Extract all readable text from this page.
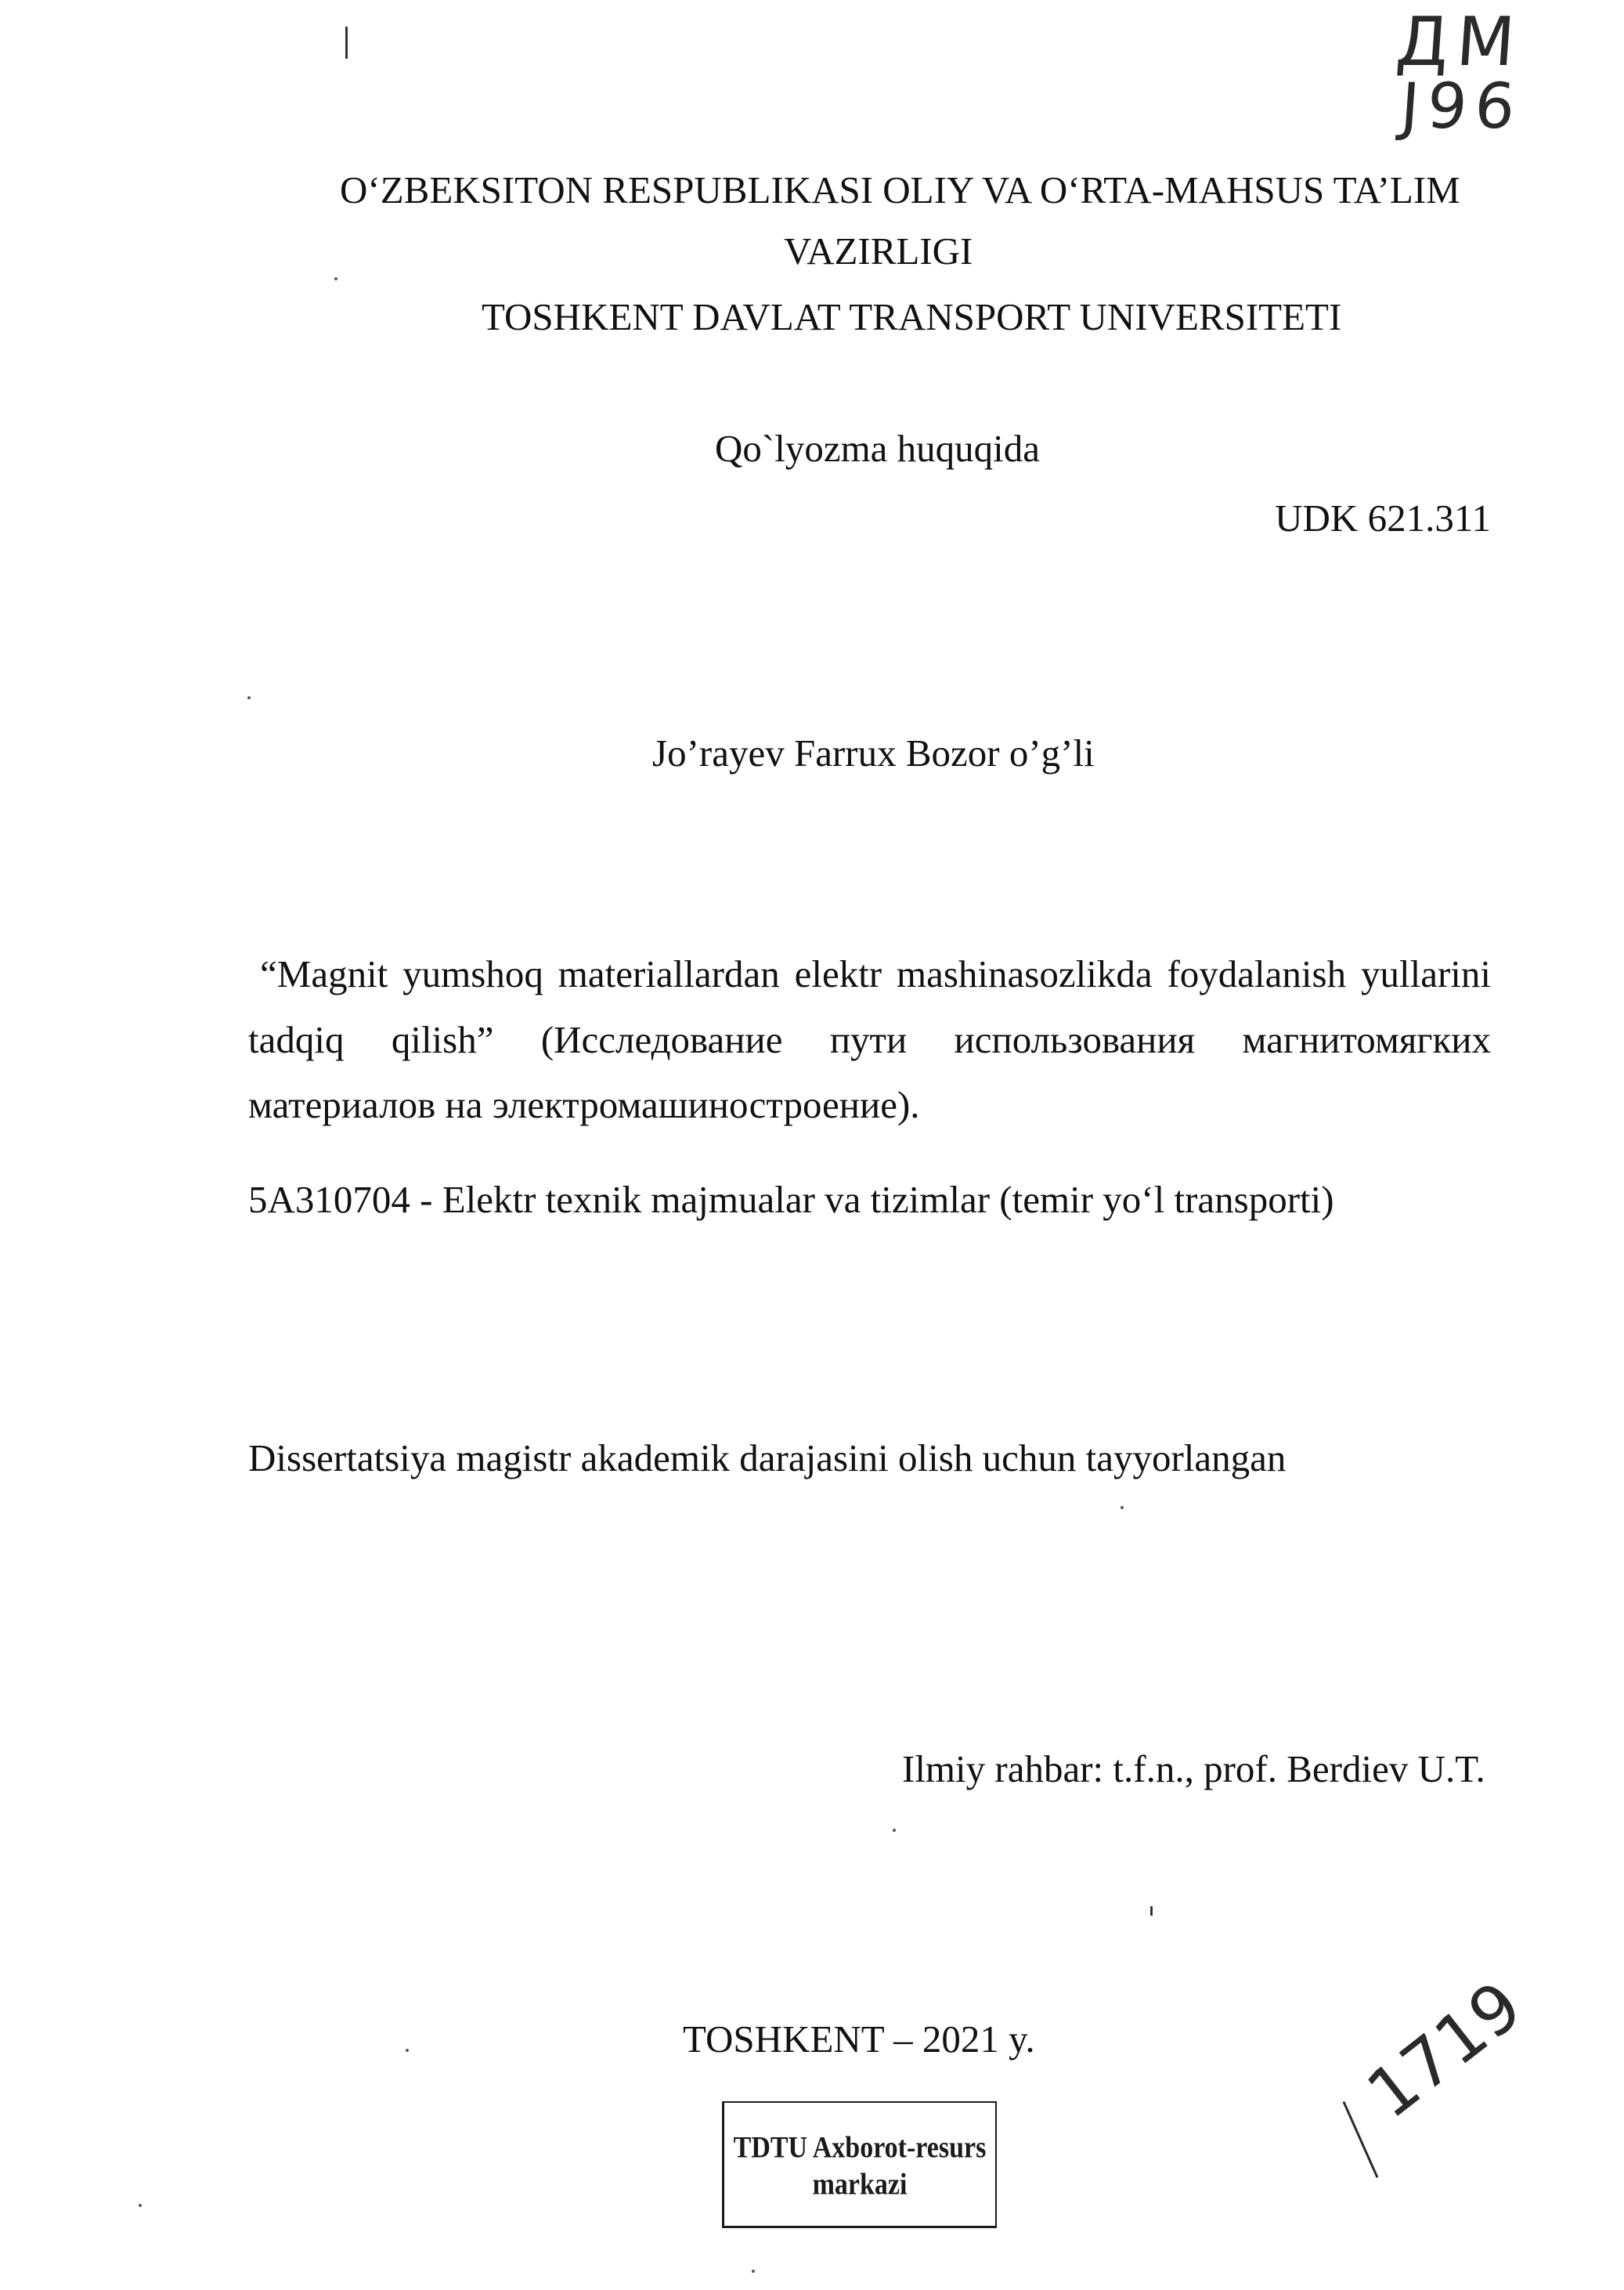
ДМ
J96
O‘ZBEKSITON RESPUBLIKASI OLIY VA O‘RTA-MAHSUS TA’LIM
VAZIRLIGI
TOSHKENT DAVLAT TRANSPORT UNIVERSITETI
Qo`lyozma huquqida
UDK 621.311
Jo’rayev Farrux Bozor o’g’li
“Magnit yumshoq materiallardan elektr mashinasozlikda foydalanish yullarini
tadqiq qilish” (Исследование пути использования магнитомягких
материалов на электромашиностроение).
5A310704 - Elektr texnik majmualar va tizimlar (temir yo‘l transporti)
Dissertatsiya magistr akademik darajasini olish uchun tayyorlangan
Ilmiy rahbar: t.f.n., prof. Berdiev U.T.
TOSHKENT – 2021 y.
TDTU Axborot-resurs
markazi
1719
